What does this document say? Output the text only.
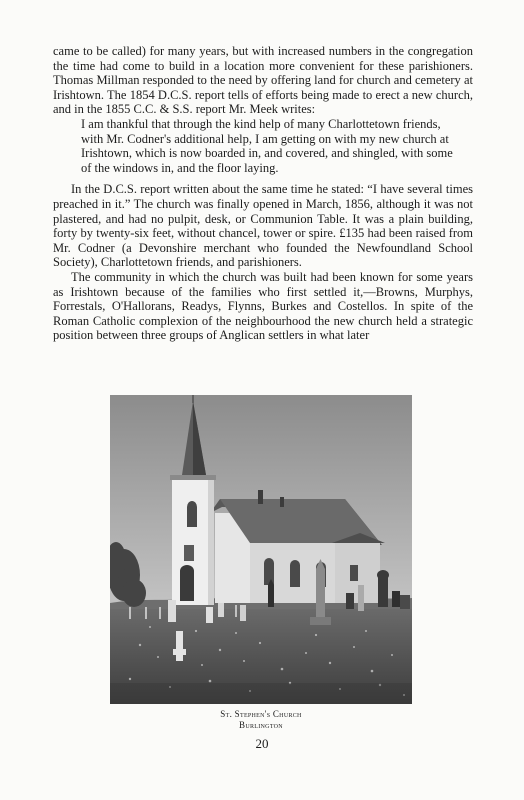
came to be called) for many years, but with increased numbers in the congregation the time had come to build in a location more convenient for these parishioners. Thomas Millman responded to the need by offering land for church and cemetery at Irishtown. The 1854 D.C.S. report tells of efforts being made to erect a new church, and in the 1855 C.C. & S.S. report Mr. Meek writes:

I am thankful that through the kind help of many Charlottetown friends, with Mr. Codner's additional help, I am getting on with my new church at Irishtown, which is now boarded in, and covered, and shingled, with some of the windows in, and the floor laying.

In the D.C.S. report written about the same time he stated: “I have several times preached in it.” The church was finally opened in March, 1856, although it was not plastered, and had no pulpit, desk, or Communion Table. It was a plain building, forty by twenty-six feet, without chancel, tower or spire. £135 had been raised from Mr. Codner (a Devonshire merchant who founded the Newfoundland School Society), Charlottetown friends, and parishioners.

The community in which the church was built had been known for some years as Irishtown because of the families who first settled it,—Browns, Murphys, Forrestals, O'Hallorans, Readys, Flynns, Burkes and Costellos. In spite of the Roman Catholic complexion of the neighbourhood the new church held a strategic position between three groups of Anglican settlers in what later

St. Stephen's Church
Burlington
20
